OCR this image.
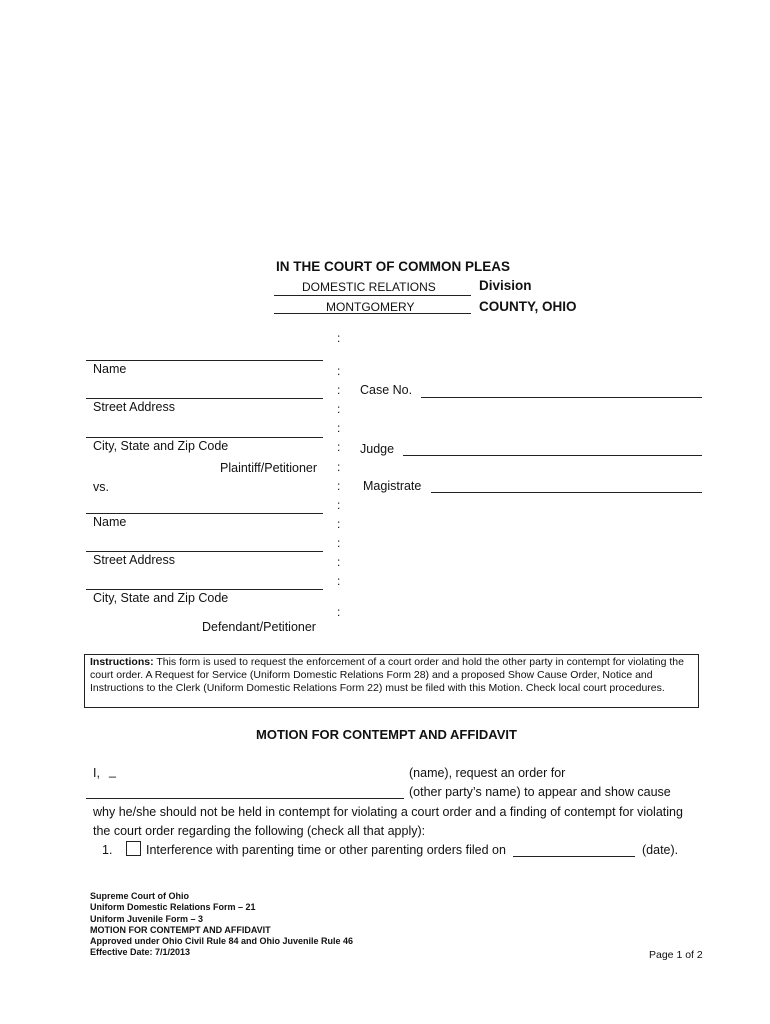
IN THE COURT OF COMMON PLEAS
DOMESTIC RELATIONS	Division
MONTGOMERY	COUNTY, OHIO
Name
Street Address
City, State and Zip Code
Plaintiff/Petitioner
vs.
Name
Street Address
City, State and Zip Code
Defendant/Petitioner
:
:
:
:
:
:
:
:
:
:
:
:
:
:
Case No.
Judge
Magistrate
Instructions: This form is used to request the enforcement of a court order and hold the other party in contempt for violating the court order. A Request for Service (Uniform Domestic Relations Form 28) and a proposed Show Cause Order, Notice and Instructions to the Clerk (Uniform Domestic Relations Form 22) must be filed with this Motion. Check local court procedures.
MOTION FOR CONTEMPT AND AFFIDAVIT
I, _	(name), request an order for
(other party’s name) to appear and show cause
why he/she should not be held in contempt for violating a court order and a finding of contempt for violating
the court order regarding the following (check all that apply):
1.	Interference with parenting time or other parenting orders filed on	(date).
Supreme Court of Ohio
Uniform Domestic Relations Form – 21
Uniform Juvenile Form – 3
MOTION FOR CONTEMPT AND AFFIDAVIT
Approved under Ohio Civil Rule 84 and Ohio Juvenile Rule 46
Effective Date: 7/1/2013	Page 1 of 2
